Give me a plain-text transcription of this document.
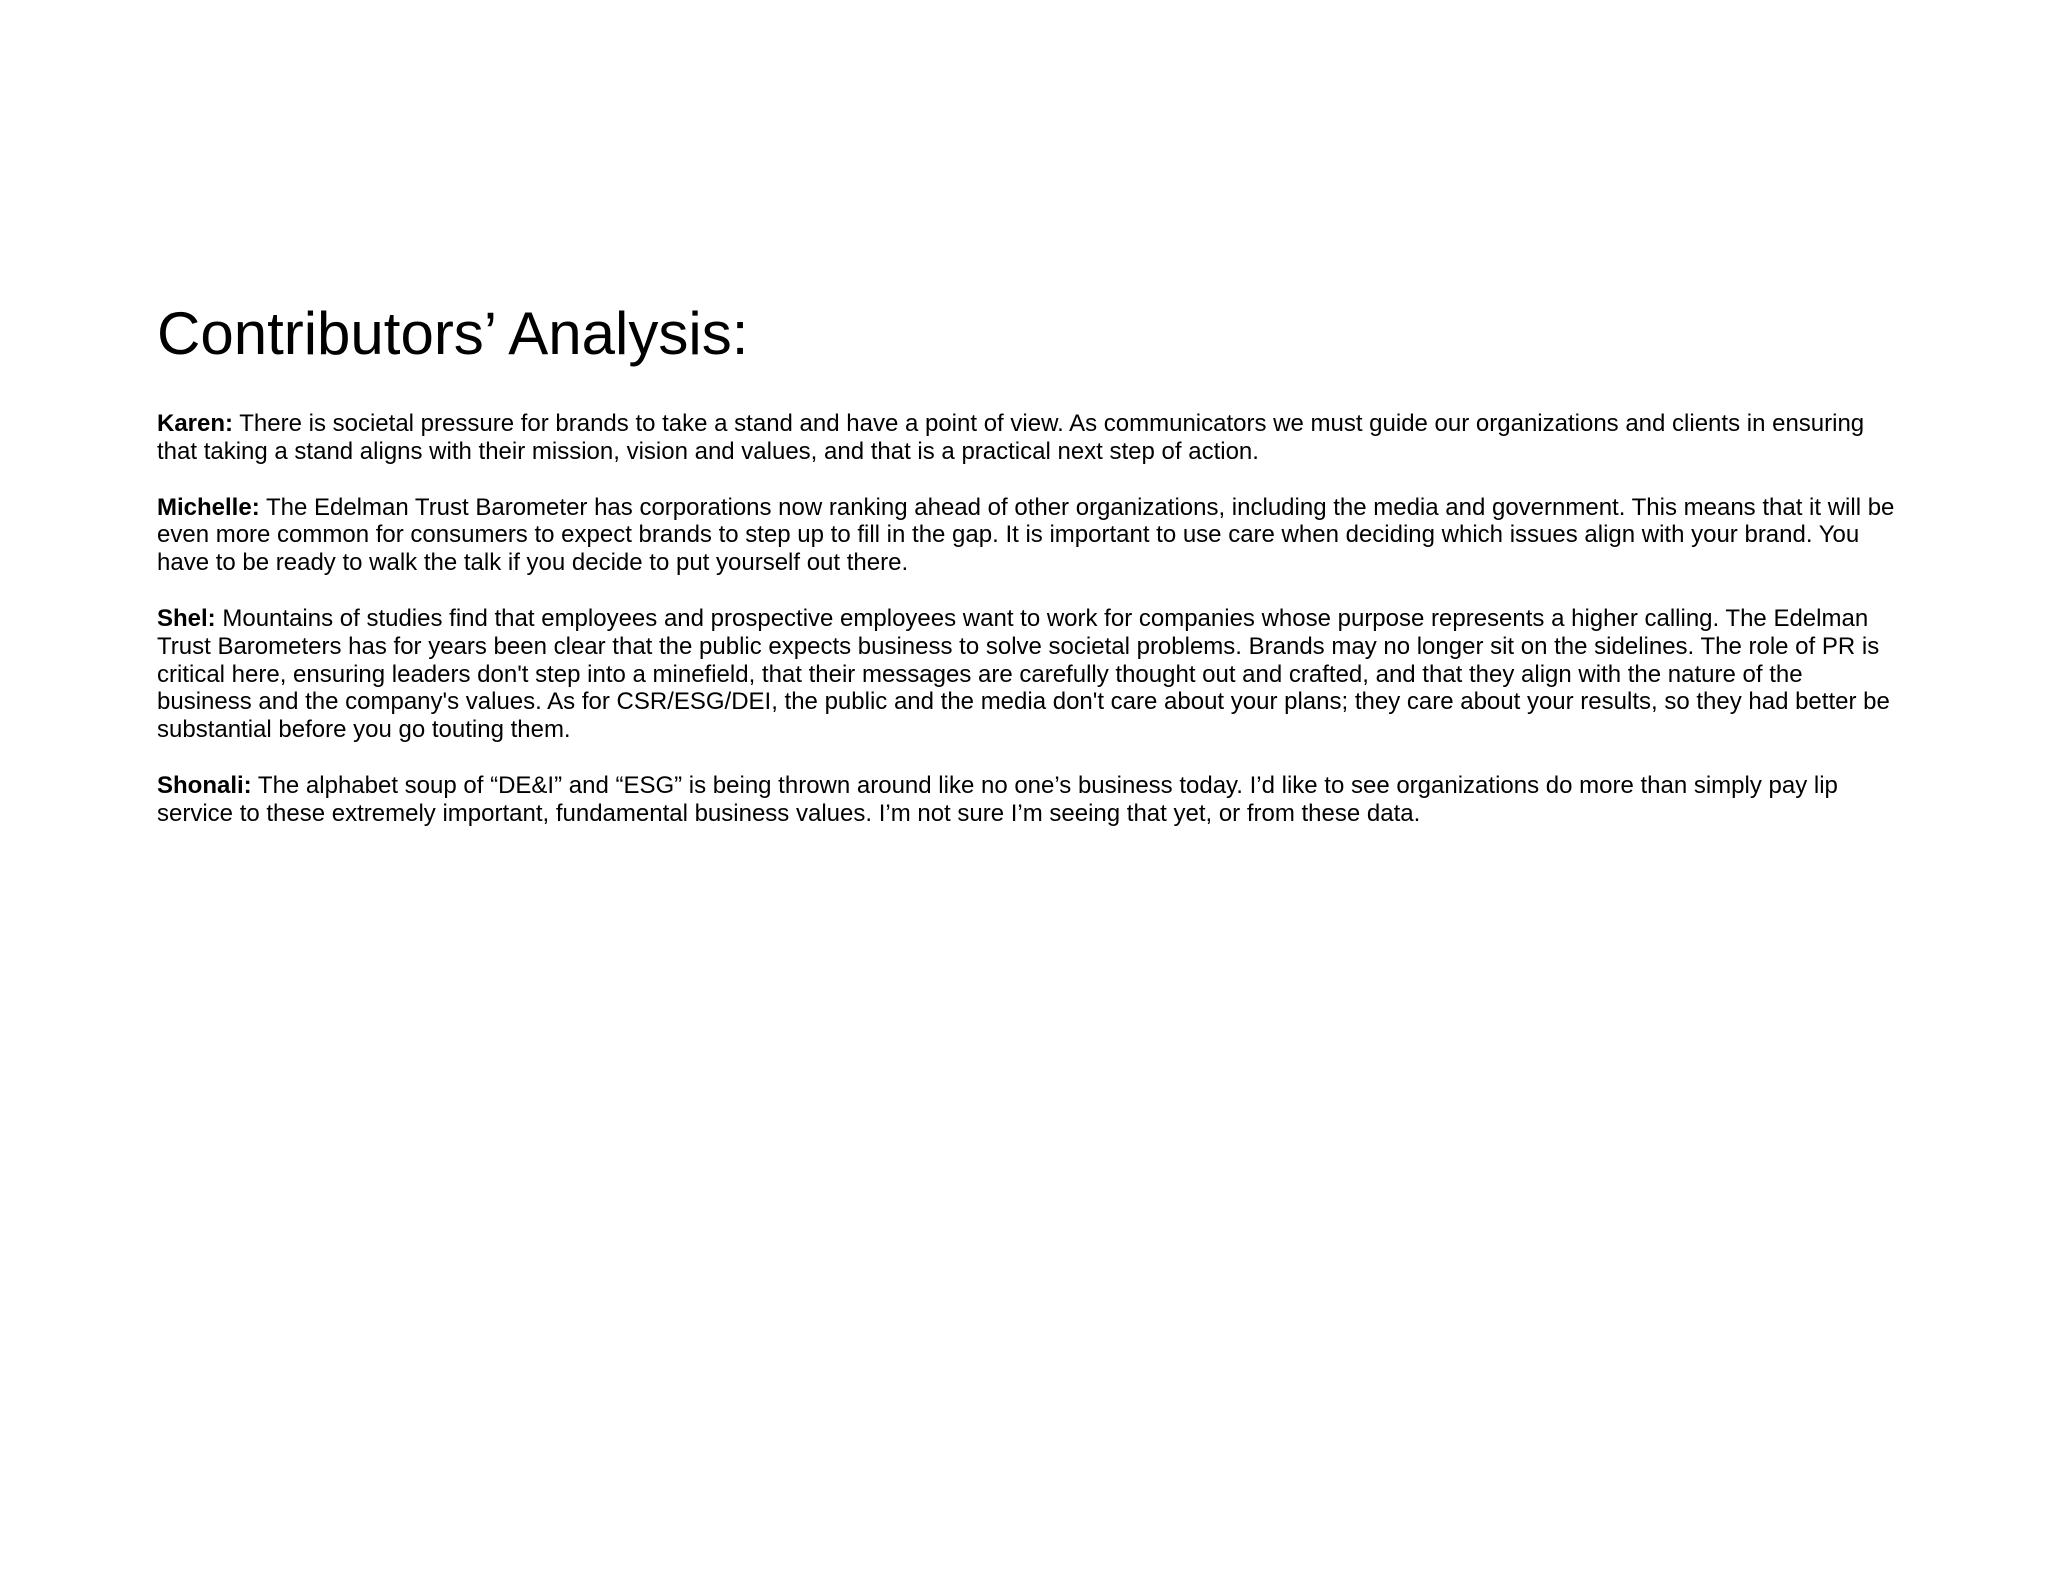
Contributors’ Analysis:

Karen: There is societal pressure for brands to take a stand and have a point of view. As communicators we must guide our organizations and clients in ensuring that taking a stand aligns with their mission, vision and values, and that is a practical next step of action.

Michelle: The Edelman Trust Barometer has corporations now ranking ahead of other organizations, including the media and government. This means that it will be even more common for consumers to expect brands to step up to fill in the gap. It is important to use care when deciding which issues align with your brand. You have to be ready to walk the talk if you decide to put yourself out there.

Shel: Mountains of studies find that employees and prospective employees want to work for companies whose purpose represents a higher calling. The Edelman Trust Barometers has for years been clear that the public expects business to solve societal problems. Brands may no longer sit on the sidelines. The role of PR is critical here, ensuring leaders don't step into a minefield, that their messages are carefully thought out and crafted, and that they align with the nature of the business and the company's values. As for CSR/ESG/DEI, the public and the media don't care about your plans; they care about your results, so they had better be substantial before you go touting them.

Shonali: The alphabet soup of “DE&I” and “ESG” is being thrown around like no one’s business today. I’d like to see organizations do more than simply pay lip service to these extremely important, fundamental business values. I’m not sure I’m seeing that yet, or from these data.
